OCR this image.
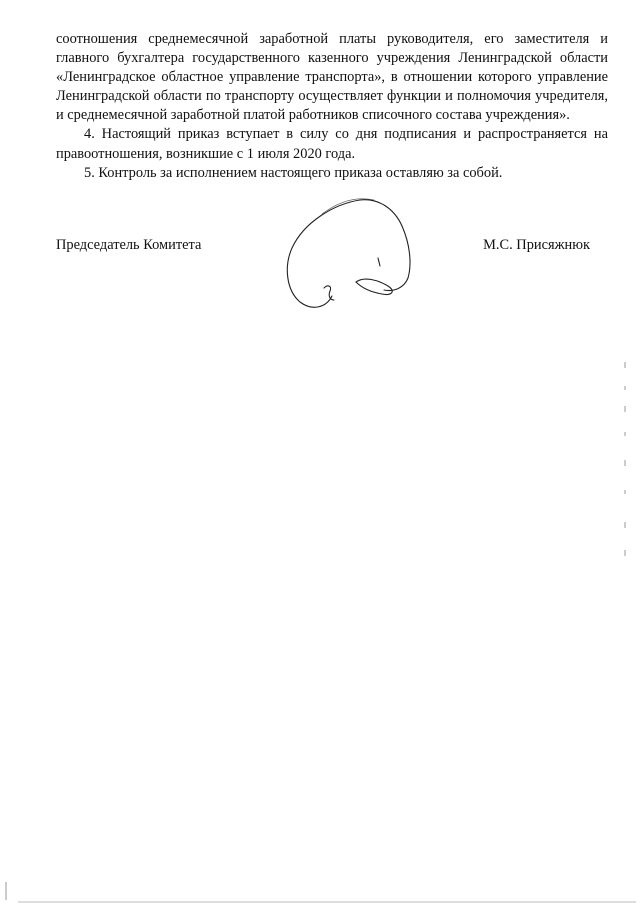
соотношения среднемесячной заработной платы руководителя, его заместителя и главного бухгалтера государственного казенного учреждения Ленинградской области «Ленинградское областное управление транспорта», в отношении которого управление Ленинградской области по транспорту осуществляет функции и полномочия учредителя, и среднемесячной заработной платой работников списочного состава учреждения».

4. Настоящий приказ вступает в силу со дня подписания и распространяется на правоотношения, возникшие с 1 июля 2020 года.

5. Контроль за исполнением настоящего приказа оставляю за собой.

Председатель Комитета	М.С. Присяжнюк
